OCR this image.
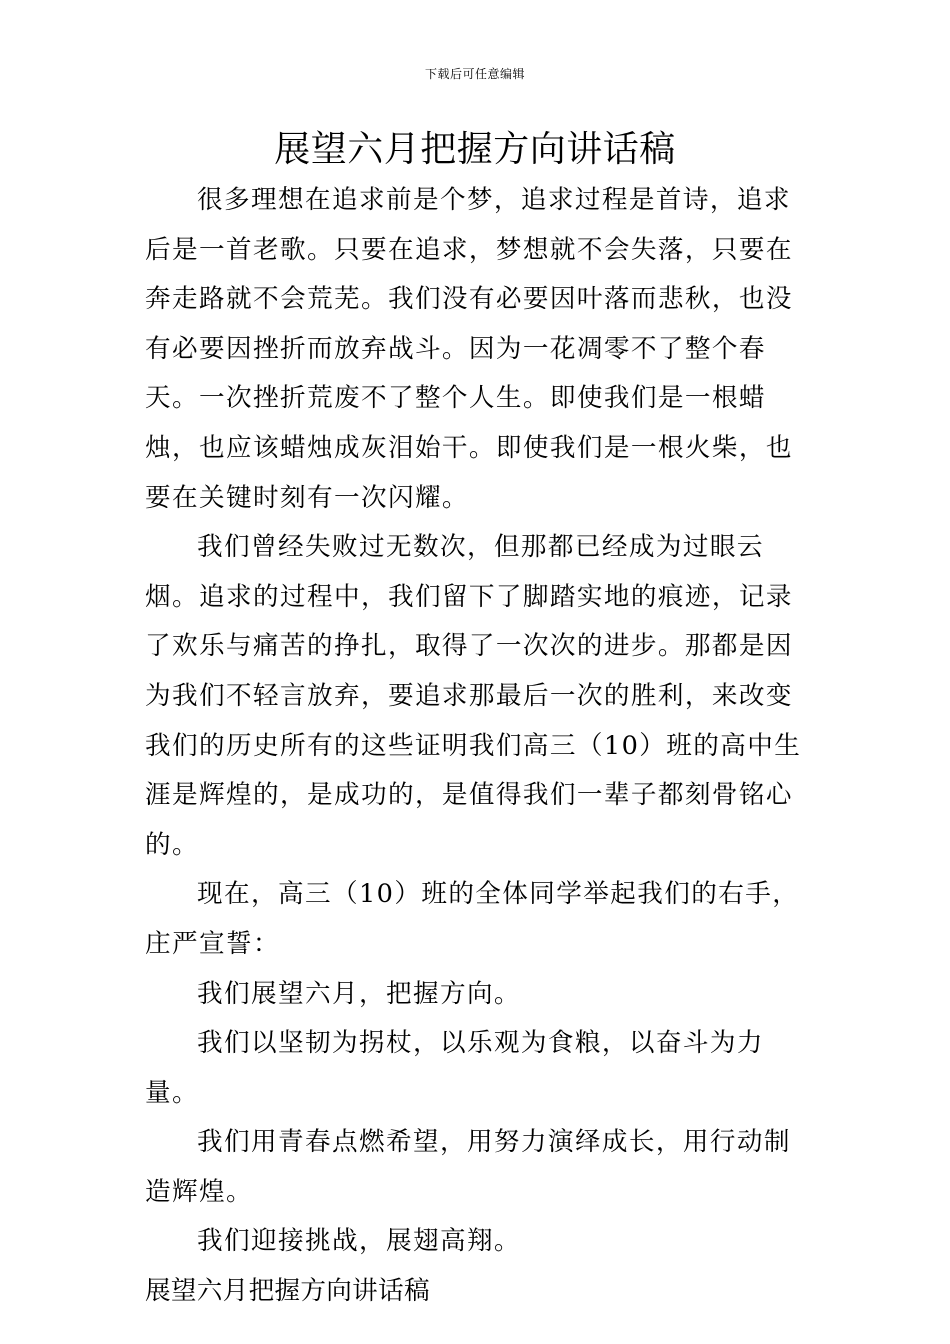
下载后可任意编辑
展望六月把握方向讲话稿

很多理想在追求前是个梦，追求过程是首诗，追求后是一首老歌。只要在追求，梦想就不会失落，只要在奔走路就不会荒芜。我们没有必要因叶落而悲秋，也没有必要因挫折而放弃战斗。因为一花凋零不了整个春天。一次挫折荒废不了整个人生。即使我们是一根蜡烛，也应该蜡烛成灰泪始干。即使我们是一根火柴，也要在关键时刻有一次闪耀。

我们曾经失败过无数次，但那都已经成为过眼云烟。追求的过程中，我们留下了脚踏实地的痕迹，记录了欢乐与痛苦的挣扎，取得了一次次的进步。那都是因为我们不轻言放弃，要追求那最后一次的胜利，来改变我们的历史所有的这些证明我们高三（10）班的高中生涯是辉煌的，是成功的，是值得我们一辈子都刻骨铭心的。

现在，高三（10）班的全体同学举起我们的右手，庄严宣誓：

我们展望六月，把握方向。

我们以坚韧为拐杖，以乐观为食粮，以奋斗为力量。

我们用青春点燃希望，用努力演绎成长，用行动制造辉煌。

我们迎接挑战，展翅高翔。

展望六月把握方向讲话稿
